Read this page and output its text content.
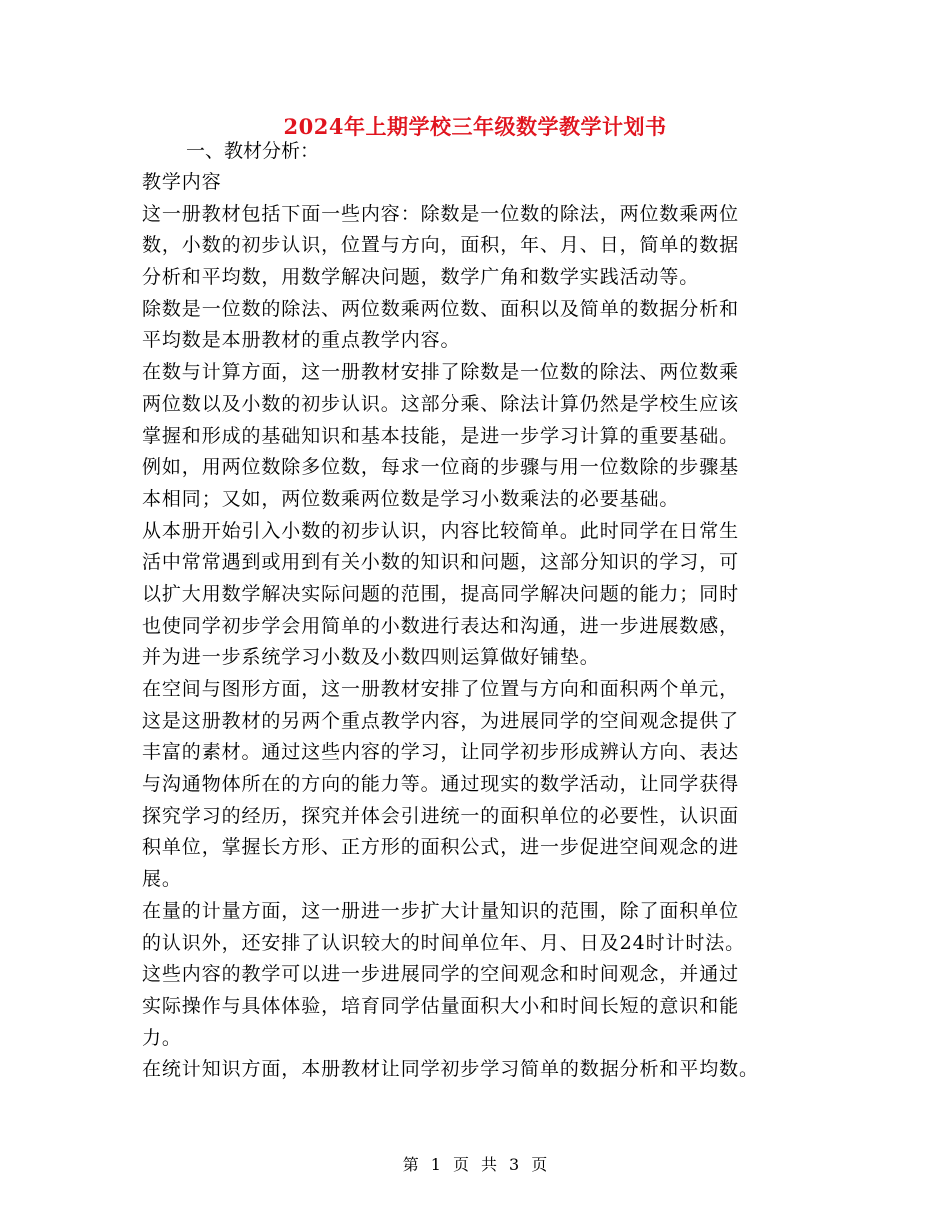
2024年上期学校三年级数学教学计划书
一、教材分析：
教学内容
这一册教材包括下面一些内容：除数是一位数的除法，两位数乘两位
数，小数的初步认识，位置与方向，面积，年、月、日，简单的数据
分析和平均数，用数学解决问题，数学广角和数学实践活动等。
除数是一位数的除法、两位数乘两位数、面积以及简单的数据分析和
平均数是本册教材的重点教学内容。
在数与计算方面，这一册教材安排了除数是一位数的除法、两位数乘
两位数以及小数的初步认识。这部分乘、除法计算仍然是学校生应该
掌握和形成的基础知识和基本技能，是进一步学习计算的重要基础。
例如，用两位数除多位数，每求一位商的步骤与用一位数除的步骤基
本相同；又如，两位数乘两位数是学习小数乘法的必要基础。
从本册开始引入小数的初步认识，内容比较简单。此时同学在日常生
活中常常遇到或用到有关小数的知识和问题，这部分知识的学习，可
以扩大用数学解决实际问题的范围，提高同学解决问题的能力；同时
也使同学初步学会用简单的小数进行表达和沟通，进一步进展数感，
并为进一步系统学习小数及小数四则运算做好铺垫。
在空间与图形方面，这一册教材安排了位置与方向和面积两个单元，
这是这册教材的另两个重点教学内容，为进展同学的空间观念提供了
丰富的素材。通过这些内容的学习，让同学初步形成辨认方向、表达
与沟通物体所在的方向的能力等。通过现实的数学活动，让同学获得
探究学习的经历，探究并体会引进统一的面积单位的必要性，认识面
积单位，掌握长方形、正方形的面积公式，进一步促进空间观念的进
展。
在量的计量方面，这一册进一步扩大计量知识的范围，除了面积单位
的认识外，还安排了认识较大的时间单位年、月、日及24时计时法。
这些内容的教学可以进一步进展同学的空间观念和时间观念，并通过
实际操作与具体体验，培育同学估量面积大小和时间长短的意识和能
力。
在统计知识方面，本册教材让同学初步学习简单的数据分析和平均数。
第 1 页 共 3 页
